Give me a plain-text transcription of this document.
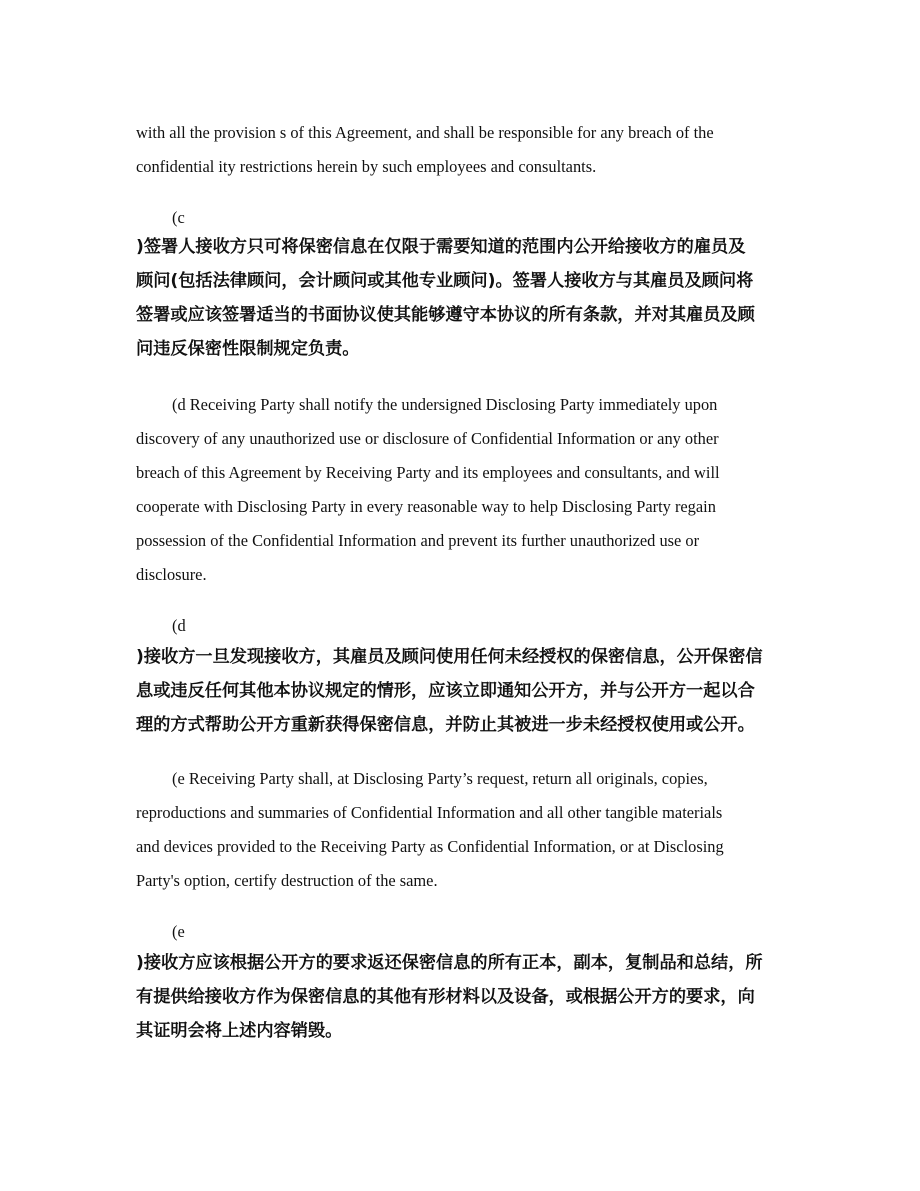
with all the provision s of this Agreement, and shall be responsible for any breach of the
confidential ity restrictions herein by such employees and consultants.
(c
)签署人接收方只可将保密信息在仅限于需要知道的范围内公开给接收方的雇员及
顾问(包括法律顾问，会计顾问或其他专业顾问)。签署人接收方与其雇员及顾问将
签署或应该签署适当的书面协议使其能够遵守本协议的所有条款，并对其雇员及顾
问违反保密性限制规定负责。
(d Receiving Party shall notify the undersigned Disclosing Party immediately upon
discovery of any unauthorized use or disclosure of Confidential Information or any other
breach of this Agreement by Receiving Party and its employees and consultants, and will
cooperate with Disclosing Party in every reasonable way to help Disclosing Party regain
possession of the Confidential Information and prevent its further unauthorized use or
disclosure.
(d
)接收方一旦发现接收方，其雇员及顾问使用任何未经授权的保密信息，公开保密信
息或违反任何其他本协议规定的情形，应该立即通知公开方，并与公开方一起以合
理的方式帮助公开方重新获得保密信息，并防止其被进一步未经授权使用或公开。
(e Receiving Party shall, at Disclosing Party’s request, return all originals, copies,
reproductions and summaries of Confidential Information and all other tangible materials
and devices provided to the Receiving Party as Confidential Information, or at Disclosing
Party's option, certify destruction of the same.
(e
)接收方应该根据公开方的要求返还保密信息的所有正本，副本，复制品和总结，所
有提供给接收方作为保密信息的其他有形材料以及设备，或根据公开方的要求，向
其证明会将上述内容销毁。
